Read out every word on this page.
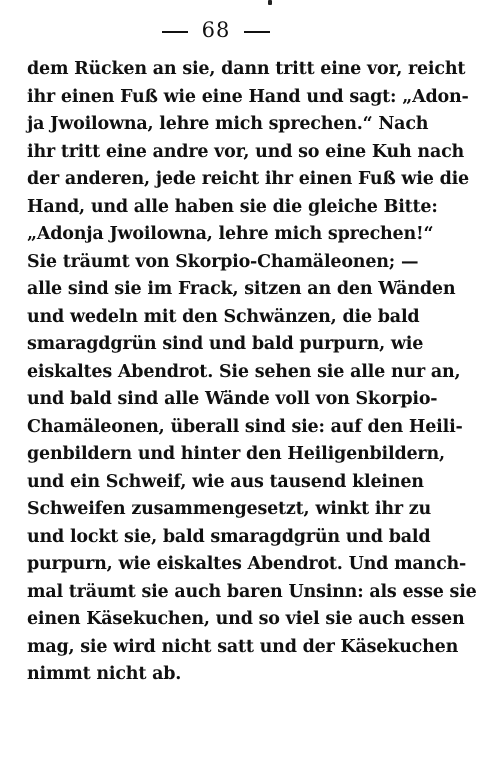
68
dem Rücken an sie, dann tritt eine vor, reicht
ihr einen Fuß wie eine Hand und sagt: „Adon-
ja Jwoilowna, lehre mich sprechen.“ Nach
ihr tritt eine andre vor, und so eine Kuh nach
der anderen, jede reicht ihr einen Fuß wie die
Hand, und alle haben sie die gleiche Bitte:
„Adonja Jwoilowna, lehre mich sprechen!“
Sie träumt von Skorpio-Chamäleonen; —
alle sind sie im Frack, sitzen an den Wänden
und wedeln mit den Schwänzen, die bald
smaragdgrün sind und bald purpurn, wie
eiskaltes Abendrot. Sie sehen sie alle nur an,
und bald sind alle Wände voll von Skorpio-
Chamäleonen, überall sind sie: auf den Heili-
genbildern und hinter den Heiligenbildern,
und ein Schweif, wie aus tausend kleinen
Schweifen zusammengesetzt, winkt ihr zu
und lockt sie, bald smaragdgrün und bald
purpurn, wie eiskaltes Abendrot. Und manch-
mal träumt sie auch baren Unsinn: als esse sie
einen Käsekuchen, und so viel sie auch essen
mag, sie wird nicht satt und der Käsekuchen
nimmt nicht ab.
